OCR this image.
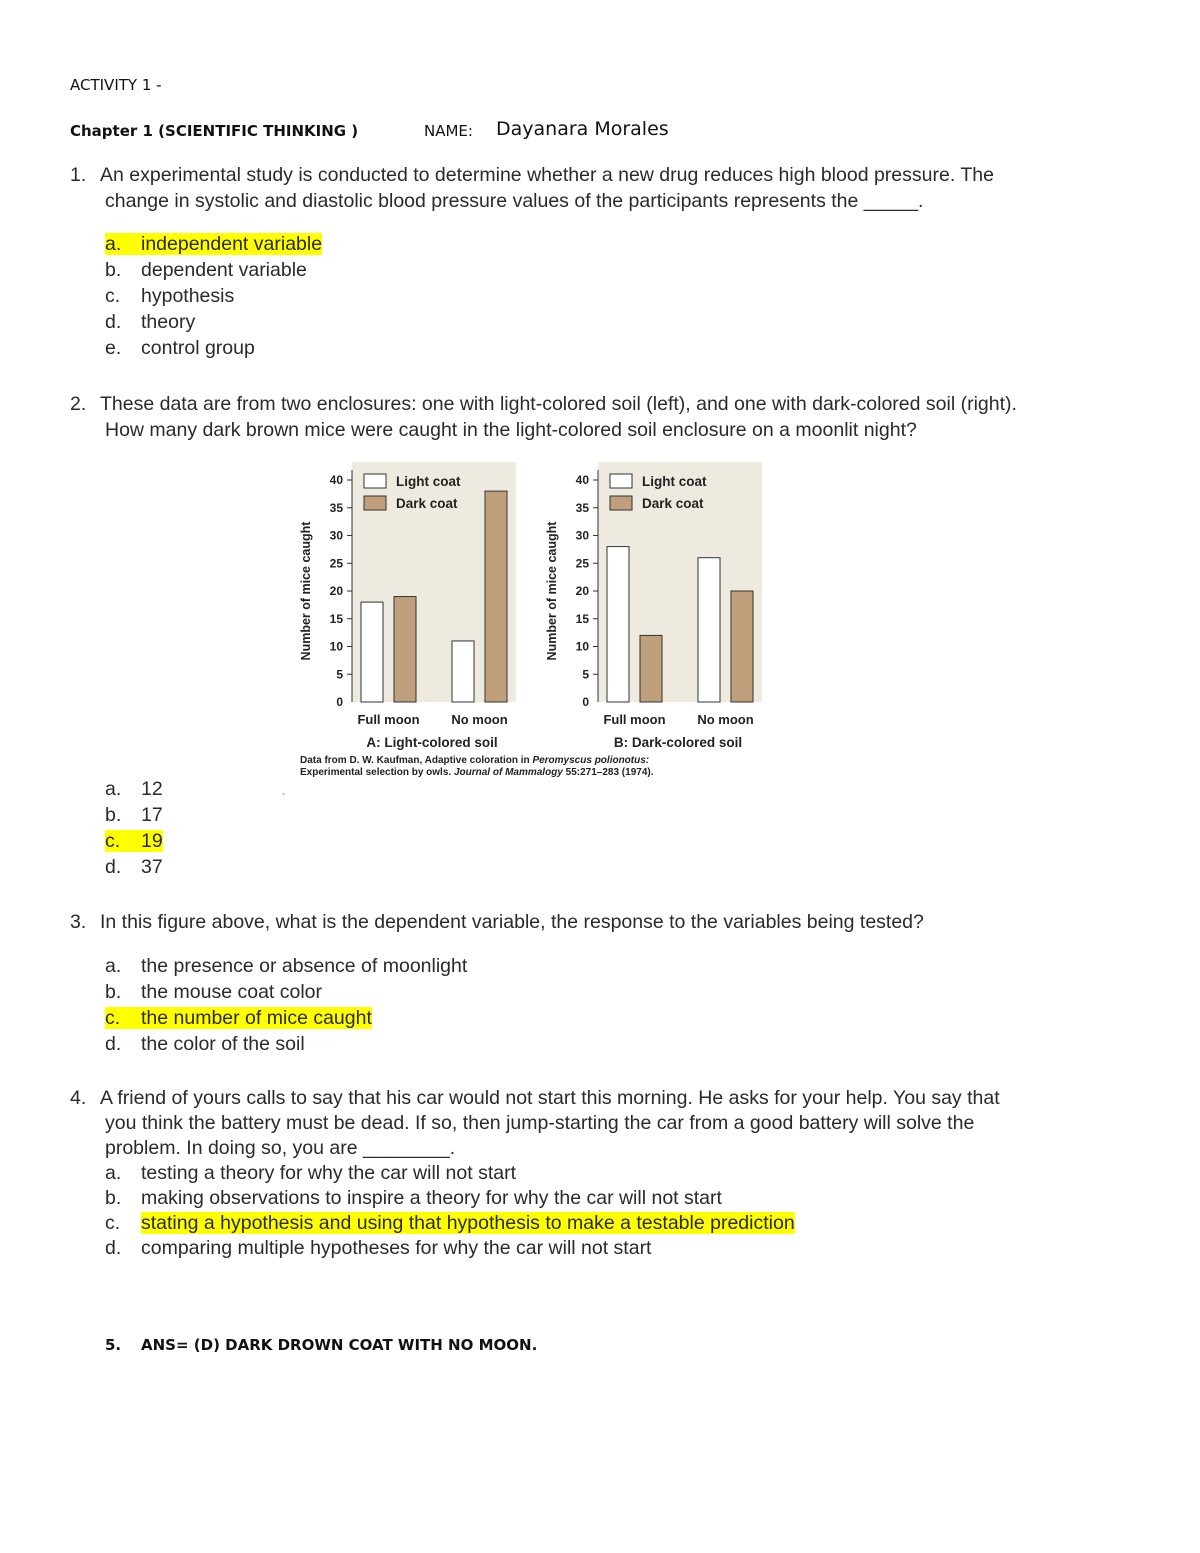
ACTIVITY 1 -
Chapter 1 (SCIENTIFIC THINKING )	NAME: Dayanara Morales
1. An experimental study is conducted to determine whether a new drug reduces high blood pressure. The
change in systolic and diastolic blood pressure values of the participants represents the _____.
a. independent variable
b. dependent variable
c. hypothesis
d. theory
e. control group
2. These data are from two enclosures: one with light-colored soil (left), and one with dark-colored soil (right).
How many dark brown mice were caught in the light-colored soil enclosure on a moonlit night?
0
5
10
15
20
25
30
35
40
Number of mice caught
Full moon No moon
A: Light-colored soil
Light coat
Dark coat
0
5
10
15
20
25
30
35
40
Number of mice caught
Full moon No moon
B: Dark-colored soil
Light coat
Dark coat
Data from D. W. Kaufman, Adaptive coloration in Peromyscus polionotus:
Experimental selection by owls. Journal of Mammalogy 55:271–283 (1974).
ˎ
a. 12
b. 17
c. 19
d. 37
3. In this figure above, what is the dependent variable, the response to the variables being tested?
a. the presence or absence of moonlight
b. the mouse coat color
c. the number of mice caught
d. the color of the soil
4. A friend of yours calls to say that his car would not start this morning. He asks for your help. You say that
you think the battery must be dead. If so, then jump-starting the car from a good battery will solve the
problem. In doing so, you are ________.
a. testing a theory for why the car will not start
b. making observations to inspire a theory for why the car will not start
c. stating a hypothesis and using that hypothesis to make a testable prediction
d. comparing multiple hypotheses for why the car will not start
5. ANS= (D) DARK DROWN COAT WITH NO MOON.
